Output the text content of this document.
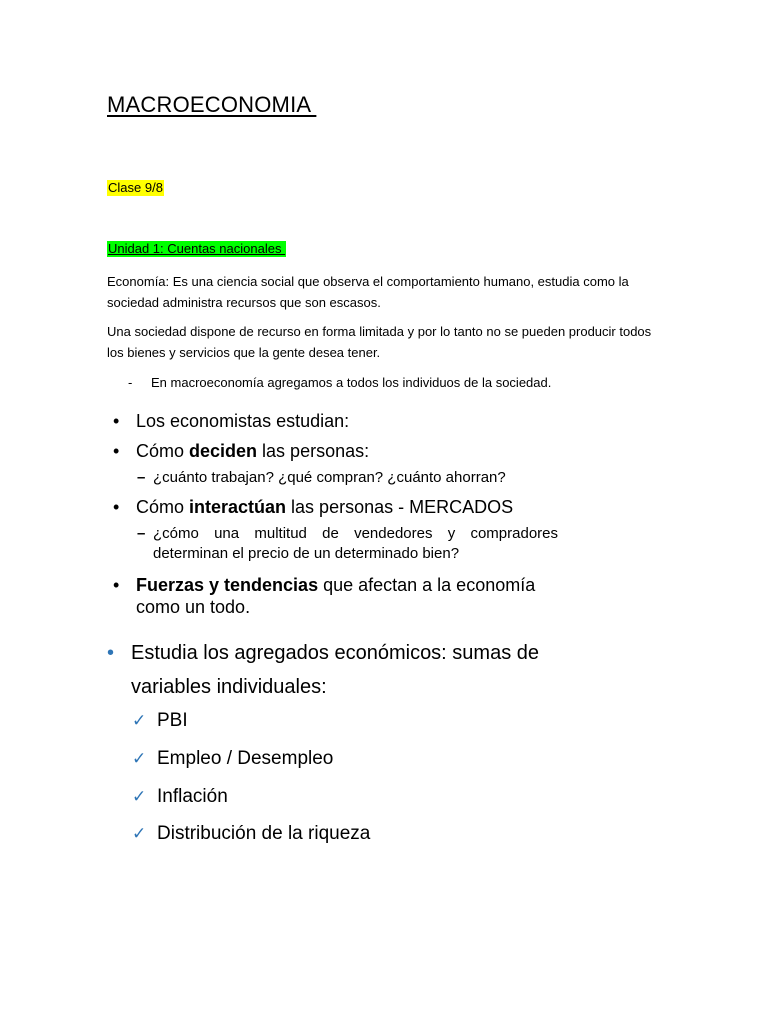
MACROECONOMIA
Clase 9/8
Unidad 1: Cuentas nacionales
Economía: Es una ciencia social que observa el comportamiento humano, estudia como la sociedad administra recursos que son escasos.
Una sociedad dispone de recurso en forma limitada y por lo tanto no se pueden producir todos los bienes y servicios que la gente desea tener.
-	En macroeconomía agregamos a todos los individuos de la sociedad.
• Los economistas estudian:
• Cómo deciden las personas:
– ¿cuánto trabajan? ¿qué compran? ¿cuánto ahorran?
• Cómo interactúan las personas - MERCADOS
– ¿cómo una multitud de vendedores y compradores determinan el precio de un determinado bien?
• Fuerzas y tendencias que afectan a la economía como un todo.
• Estudia los agregados económicos: sumas de variables individuales:
✓ PBI
✓ Empleo / Desempleo
✓ Inflación
✓ Distribución de la riqueza
